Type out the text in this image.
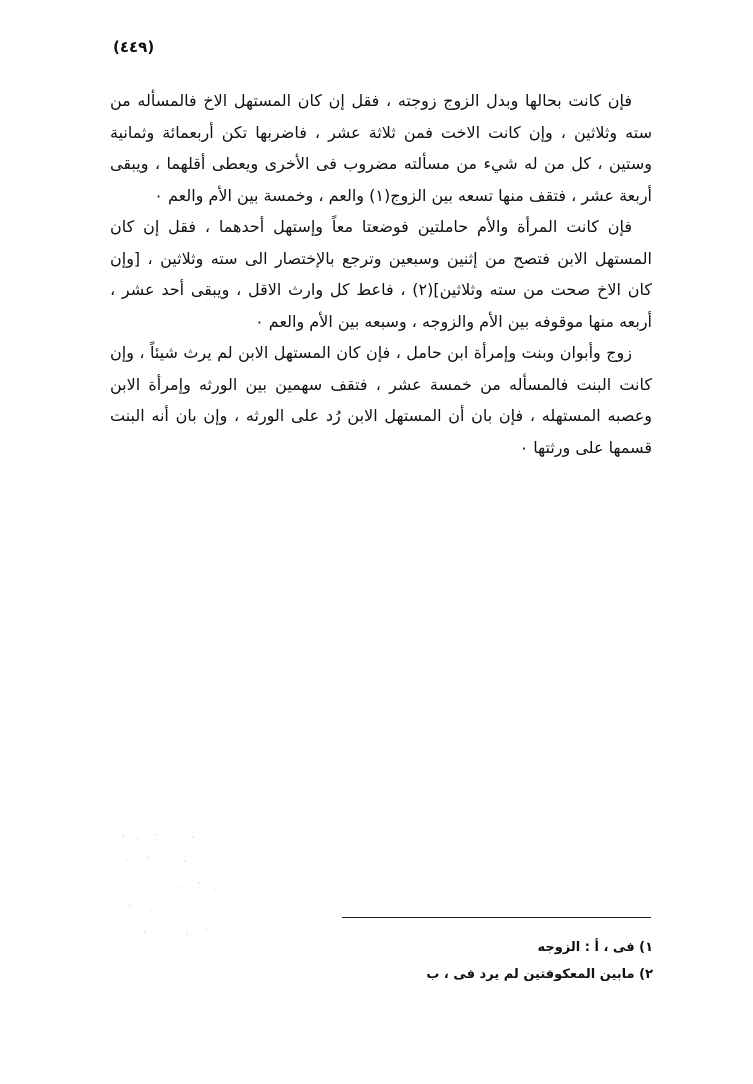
(٤٤٩)

فإن كانت بحالها وبدل الزوج زوجته ، فقل إن كان المستهل الاخ فالمسأله من سته وثلاثين ، وإن كانت الاخت فمن ثلاثة عشر ، فاضربها تكن أربعمائة وثمانية وستين ، كل من له شيء من مسألته مضروب فى الأخرى ويعطى أقلهما ، ويبقى أربعة عشر ، فتقف منها تسعه بين الزوج(١) والعم ، وخمسة بين الأم والعم ٠

فإن كانت المرأة والأم حاملتين فوضعتا معاً وإستهل أحدهما ، فقل إن كان المستهل الابن فتصح من إثنين وسبعين وترجع بالإختصار الى سته وثلاثين ، [وإن كان الاخ صحت من سته وثلاثين](٢) ، فاعط كل وارث الاقل ، ويبقى أحد عشر ، أربعه منها موقوفه بين الأم والزوجه ، وسبعه بين الأم والعم ٠

زوج وأبوان وبنت وإمرأة ابن حامل ، فإن كان المستهل الابن لم يرث شيئاً ، وإن كانت البنت فالمسأله من خمسة عشر ، فتقف سهمين بين الورثه وإمرأة الابن وعصبه المستهله ، فإن بان أن المستهل الابن رُد على الورثه ، وإن بان أنه البنت قسمها على ورثتها ٠

١) فى ، أ : الزوجه

٢) مابين المعكوفتين لم يرد فى ، ب
